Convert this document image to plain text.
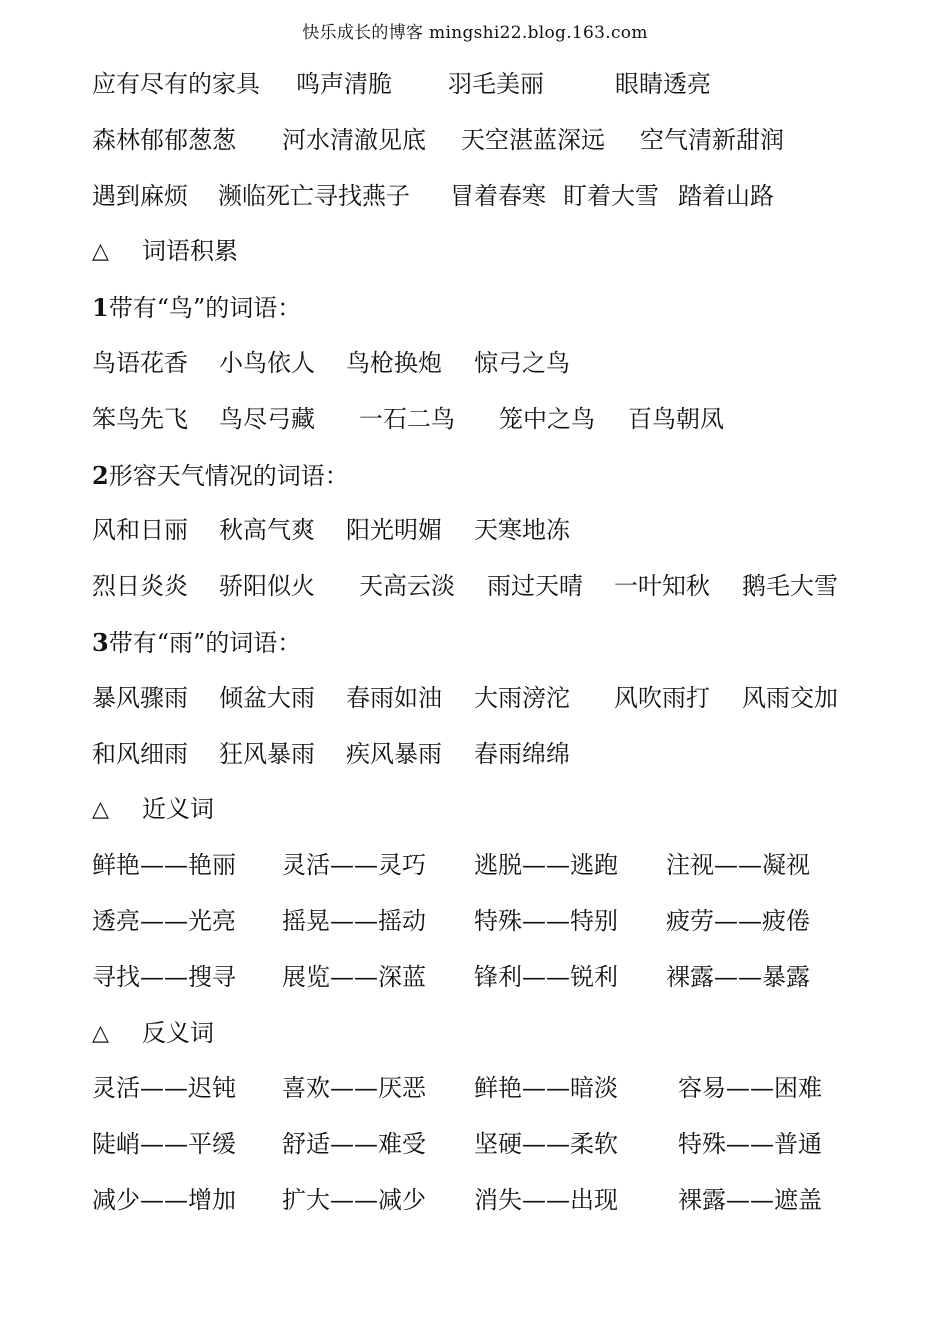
快乐成长的博客 mingshi22.blog.163.com
应有尽有的家具 鸣声清脆 羽毛美丽	眼睛透亮
森林郁郁葱葱 河水清澈见底 天空湛蓝深远 空气清新甜润
遇到麻烦 濒临死亡寻找燕子 冒着春寒 盯着大雪 踏着山路
△ 词语积累
1带有“鸟”的词语：
鸟语花香 小鸟依人 鸟枪换炮 惊弓之鸟
笨鸟先飞 鸟尽弓藏 一石二鸟 笼中之鸟 百鸟朝凤
2形容天气情况的词语：
风和日丽 秋高气爽 阳光明媚 天寒地冻
烈日炎炎 骄阳似火 天高云淡 雨过天晴 一叶知秋 鹅毛大雪
3带有“雨”的词语：
暴风骤雨 倾盆大雨 春雨如油 大雨滂沱 风吹雨打 风雨交加
和风细雨 狂风暴雨 疾风暴雨 春雨绵绵
△ 近义词
鲜艳——艳丽 灵活——灵巧 逃脱——逃跑 注视——凝视
透亮——光亮 摇晃——摇动 特殊——特别 疲劳——疲倦
寻找——搜寻 展览——深蓝 锋利——锐利 裸露——暴露
△ 反义词
灵活——迟钝 喜欢——厌恶 鲜艳——暗淡	容易——困难
陡峭——平缓 舒适——难受 坚硬——柔软	特殊——普通
减少——增加 扩大——减少 消失——出现	裸露——遮盖
